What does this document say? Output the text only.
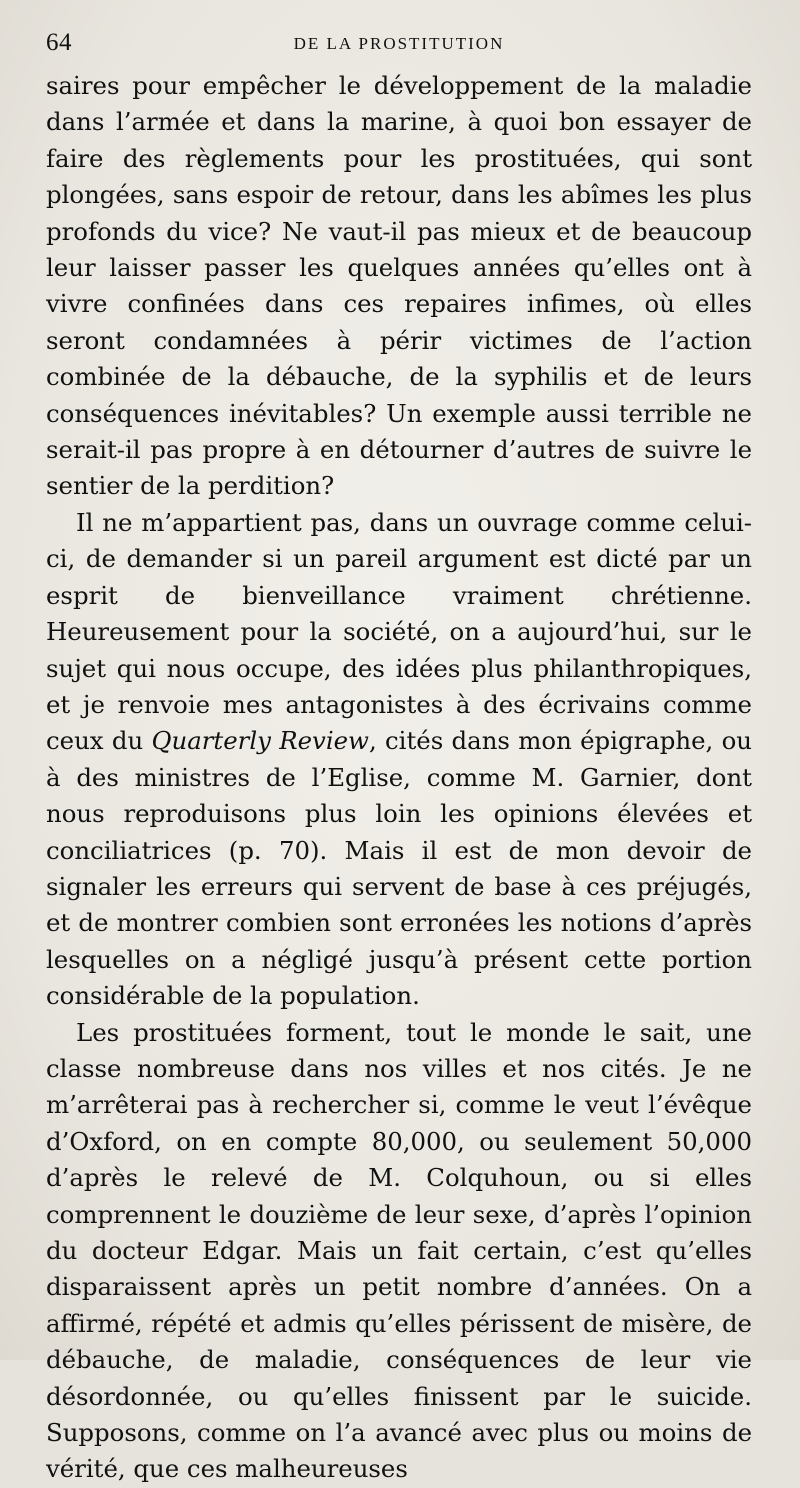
64	DE LA PROSTITUTION

saires pour empêcher le développement de la maladie dans l’armée et dans la marine, à quoi bon essayer de faire des règlements pour les prostituées, qui sont plongées, sans espoir de retour, dans les abîmes les plus profonds du vice? Ne vaut-il pas mieux et de beaucoup leur laisser passer les quelques années qu’elles ont à vivre confinées dans ces repaires infimes, où elles seront condamnées à périr victimes de l’action combinée de la débauche, de la syphilis et de leurs conséquences inévitables? Un exemple aussi terrible ne serait-il pas propre à en détourner d’autres de suivre le sentier de la perdition?

Il ne m’appartient pas, dans un ouvrage comme celui-ci, de demander si un pareil argument est dicté par un esprit de bienveillance vraiment chrétienne. Heureusement pour la société, on a aujourd’hui, sur le sujet qui nous occupe, des idées plus philanthropiques, et je renvoie mes antagonistes à des écrivains comme ceux du Quarterly Review, cités dans mon épigraphe, ou à des ministres de l’Eglise, comme M. Garnier, dont nous reproduisons plus loin les opinions élevées et conciliatrices (p. 70). Mais il est de mon devoir de signaler les erreurs qui servent de base à ces préjugés, et de montrer combien sont erronées les notions d’après lesquelles on a négligé jusqu’à présent cette portion considérable de la population.

Les prostituées forment, tout le monde le sait, une classe nombreuse dans nos villes et nos cités. Je ne m’arrêterai pas à rechercher si, comme le veut l’évêque d’Oxford, on en compte 80,000, ou seulement 50,000 d’après le relevé de M. Colquhoun, ou si elles comprennent le douzième de leur sexe, d’après l’opinion du docteur Edgar. Mais un fait certain, c’est qu’elles disparaissent après un petit nombre d’années. On a affirmé, répété et admis qu’elles périssent de misère, de débauche, de maladie, conséquences de leur vie désordonnée, ou qu’elles finissent par le suicide. Supposons, comme on l’a avancé avec plus ou moins de vérité, que ces malheureuses
